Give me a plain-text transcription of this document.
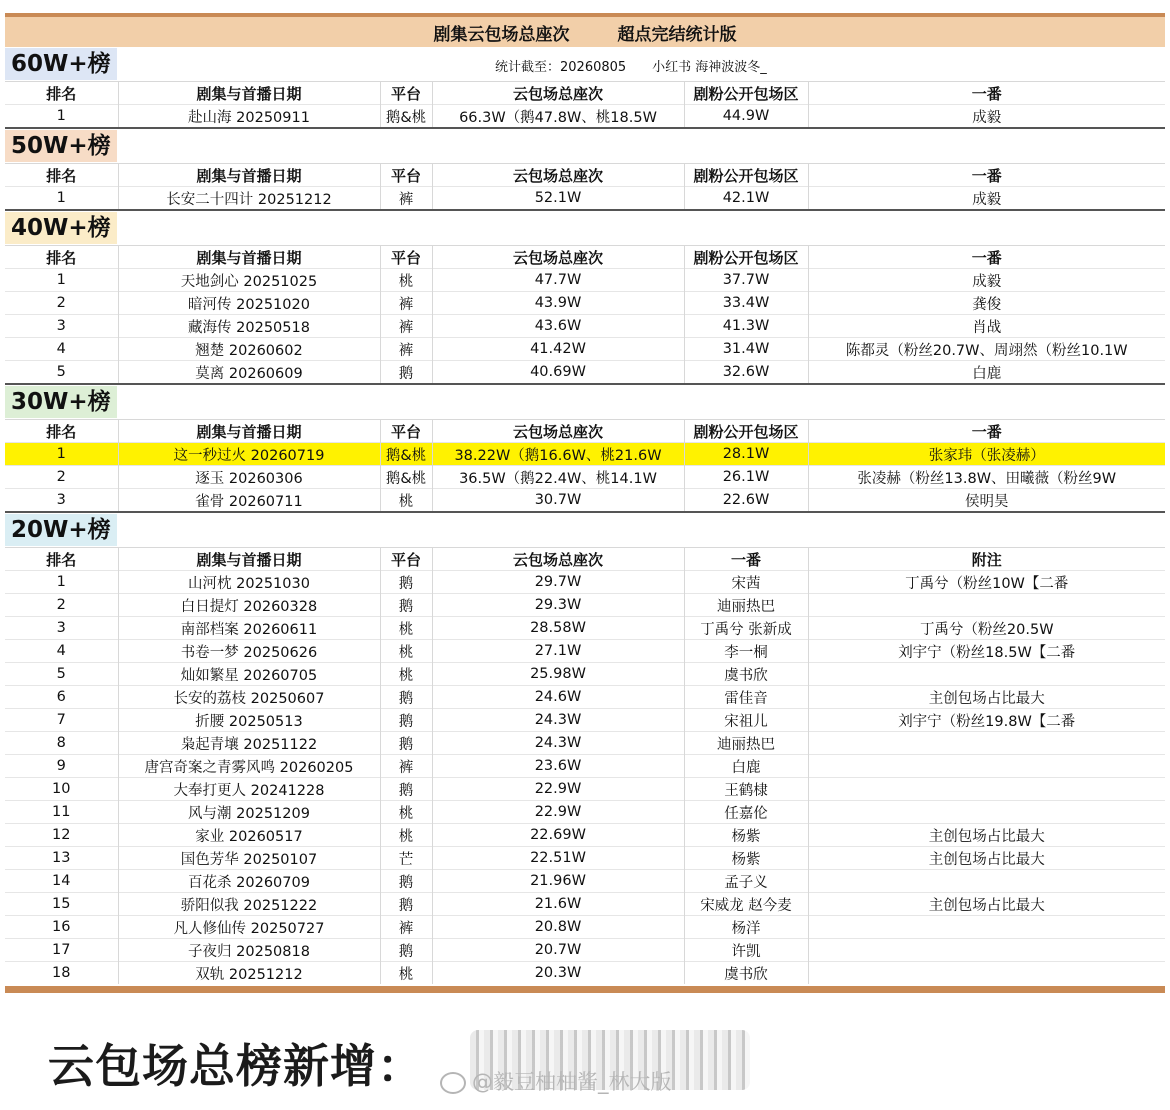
剧集云包场总座次	超点完结统计版
60W+榜	统计截至：20260805 小红书 海神波波冬_
排名	剧集与首播日期	平台	云包场总座次	剧粉公开包场区	一番
1	赴山海 20250911	鹅&桃	66.3W（鹅47.8W、桃18.5W	44.9W	成毅
50W+榜
排名	剧集与首播日期	平台	云包场总座次	剧粉公开包场区	一番
1	长安二十四计 20251212	裤	52.1W	42.1W	成毅
40W+榜
排名	剧集与首播日期	平台	云包场总座次	剧粉公开包场区	一番
1	天地剑心 20251025	桃	47.7W	37.7W	成毅
2	暗河传 20251020	裤	43.9W	33.4W	龚俊
3	藏海传 20250518	裤	43.6W	41.3W	肖战
4	翘楚 20260602	裤	41.42W	31.4W	陈都灵（粉丝20.7W、周翊然（粉丝10.1W
5	莫离 20260609	鹅	40.69W	32.6W	白鹿
30W+榜
排名	剧集与首播日期	平台	云包场总座次	剧粉公开包场区	一番
1	这一秒过火 20260719	鹅&桃	38.22W（鹅16.6W、桃21.6W	28.1W	张家玮（张凌赫）
2	逐玉 20260306	鹅&桃	36.5W（鹅22.4W、桃14.1W	26.1W	张凌赫（粉丝13.8W、田曦薇（粉丝9W
3	雀骨 20260711	桃	30.7W	22.6W	侯明昊
20W+榜
排名	剧集与首播日期	平台	云包场总座次	一番	附注
1	山河枕 20251030	鹅	29.7W	宋茜	丁禹兮（粉丝10W【二番
2	白日提灯 20260328	鹅	29.3W	迪丽热巴	
3	南部档案 20260611	桃	28.58W	丁禹兮 张新成	丁禹兮（粉丝20.5W
4	书卷一梦 20250626	桃	27.1W	李一桐	刘宇宁（粉丝18.5W【二番
5	灿如繁星 20260705	桃	25.98W	虞书欣	
6	长安的荔枝 20250607	鹅	24.6W	雷佳音	主创包场占比最大
7	折腰 20250513	鹅	24.3W	宋祖儿	刘宇宁（粉丝19.8W【二番
8	枭起青壤 20251122	鹅	24.3W	迪丽热巴	
9	唐宫奇案之青雾风鸣 20260205	裤	23.6W	白鹿	
10	大奉打更人 20241228	鹅	22.9W	王鹤棣	
11	风与潮 20251209	桃	22.9W	任嘉伦	
12	家业 20260517	桃	22.69W	杨紫	主创包场占比最大
13	国色芳华 20250107	芒	22.51W	杨紫	主创包场占比最大
14	百花杀 20260709	鹅	21.96W	孟子义	
15	骄阳似我 20251222	鹅	21.6W	宋威龙 赵今麦	主创包场占比最大
16	凡人修仙传 20250727	裤	20.8W	杨洋	
17	子夜归 20250818	鹅	20.7W	许凯	
18	双轨 20251212	桃	20.3W	虞书欣	
云包场总榜新增：	@毅豆柚柚酱_林大版
